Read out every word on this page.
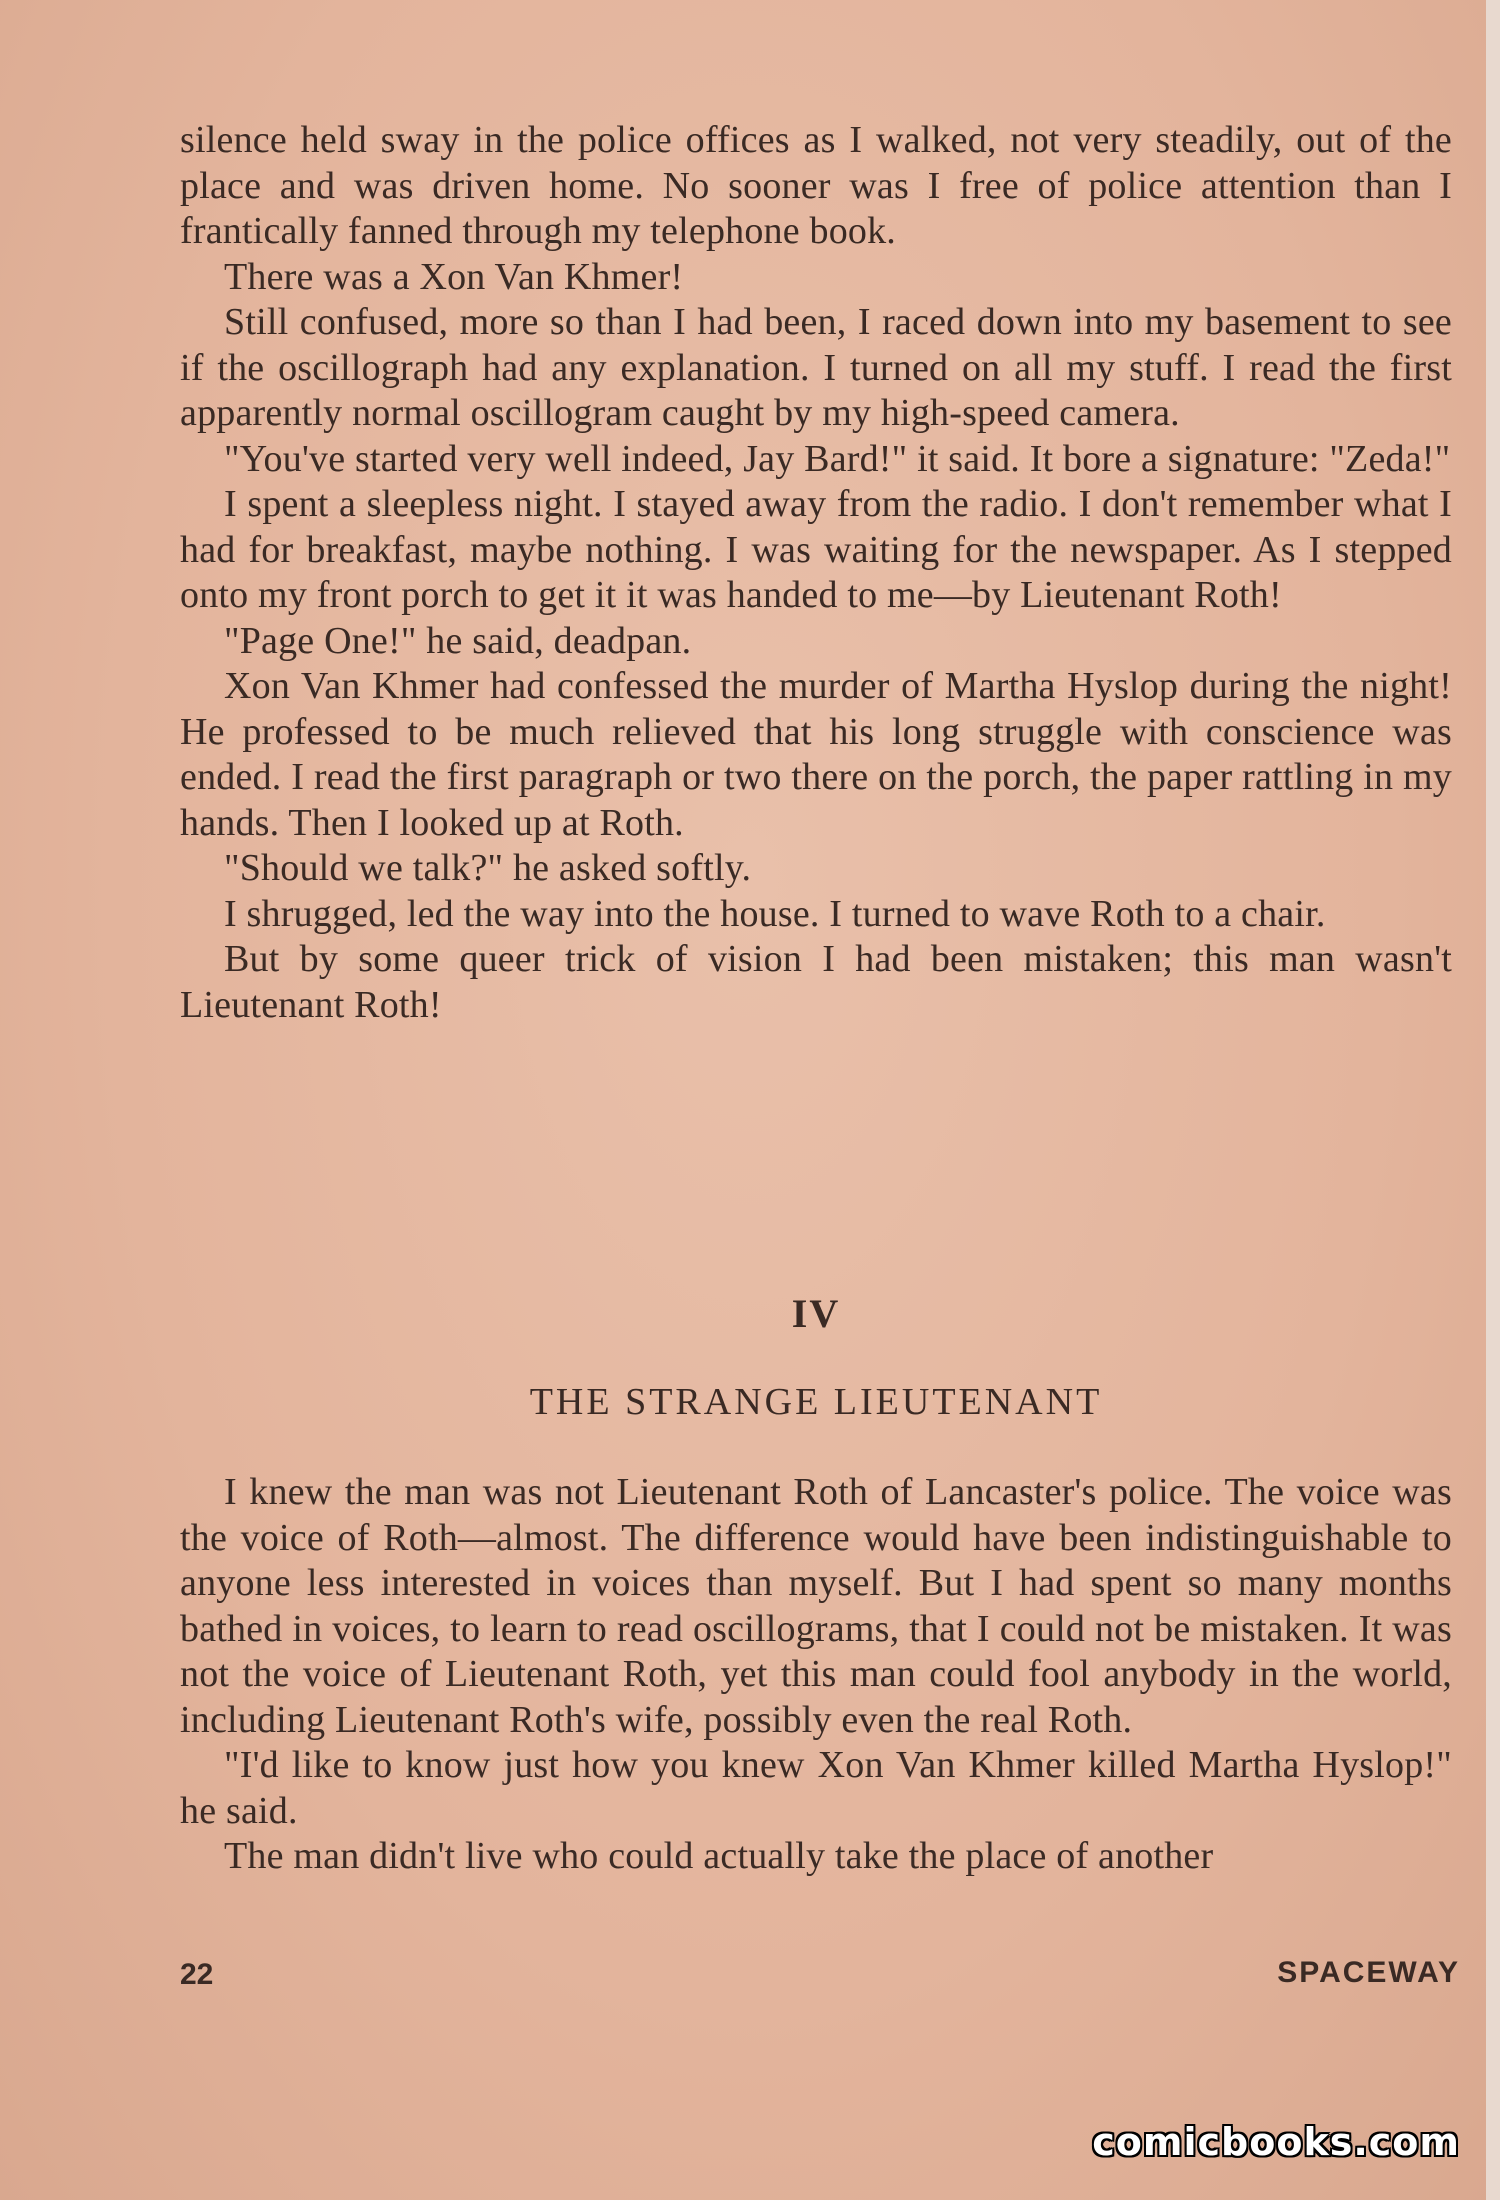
silence held sway in the police offices as I walked, not very steadily, out of the place and was driven home. No sooner was I free of police attention than I frantically fanned through my telephone book.

There was a Xon Van Khmer!

Still confused, more so than I had been, I raced down into my basement to see if the oscillograph had any explanation. I turned on all my stuff. I read the first apparently normal oscillogram caught by my high-speed camera.

"You've started very well indeed, Jay Bard!" it said. It bore a signature: "Zeda!"

I spent a sleepless night. I stayed away from the radio. I don't remember what I had for breakfast, maybe nothing. I was waiting for the newspaper. As I stepped onto my front porch to get it it was handed to me—by Lieutenant Roth!

"Page One!" he said, deadpan.

Xon Van Khmer had confessed the murder of Martha Hyslop during the night! He professed to be much relieved that his long struggle with conscience was ended. I read the first paragraph or two there on the porch, the paper rattling in my hands. Then I looked up at Roth.

"Should we talk?" he asked softly.

I shrugged, led the way into the house. I turned to wave Roth to a chair.

But by some queer trick of vision I had been mistaken; this man wasn't Lieutenant Roth!

IV
THE STRANGE LIEUTENANT

I knew the man was not Lieutenant Roth of Lancaster's police. The voice was the voice of Roth—almost. The difference would have been indistinguishable to anyone less interested in voices than myself. But I had spent so many months bathed in voices, to learn to read oscillograms, that I could not be mistaken. It was not the voice of Lieutenant Roth, yet this man could fool anybody in the world, including Lieutenant Roth's wife, possibly even the real Roth.

"I'd like to know just how you knew Xon Van Khmer killed Martha Hyslop!" he said.

The man didn't live who could actually take the place of another

22	SPACEWAY
comicbooks.com
